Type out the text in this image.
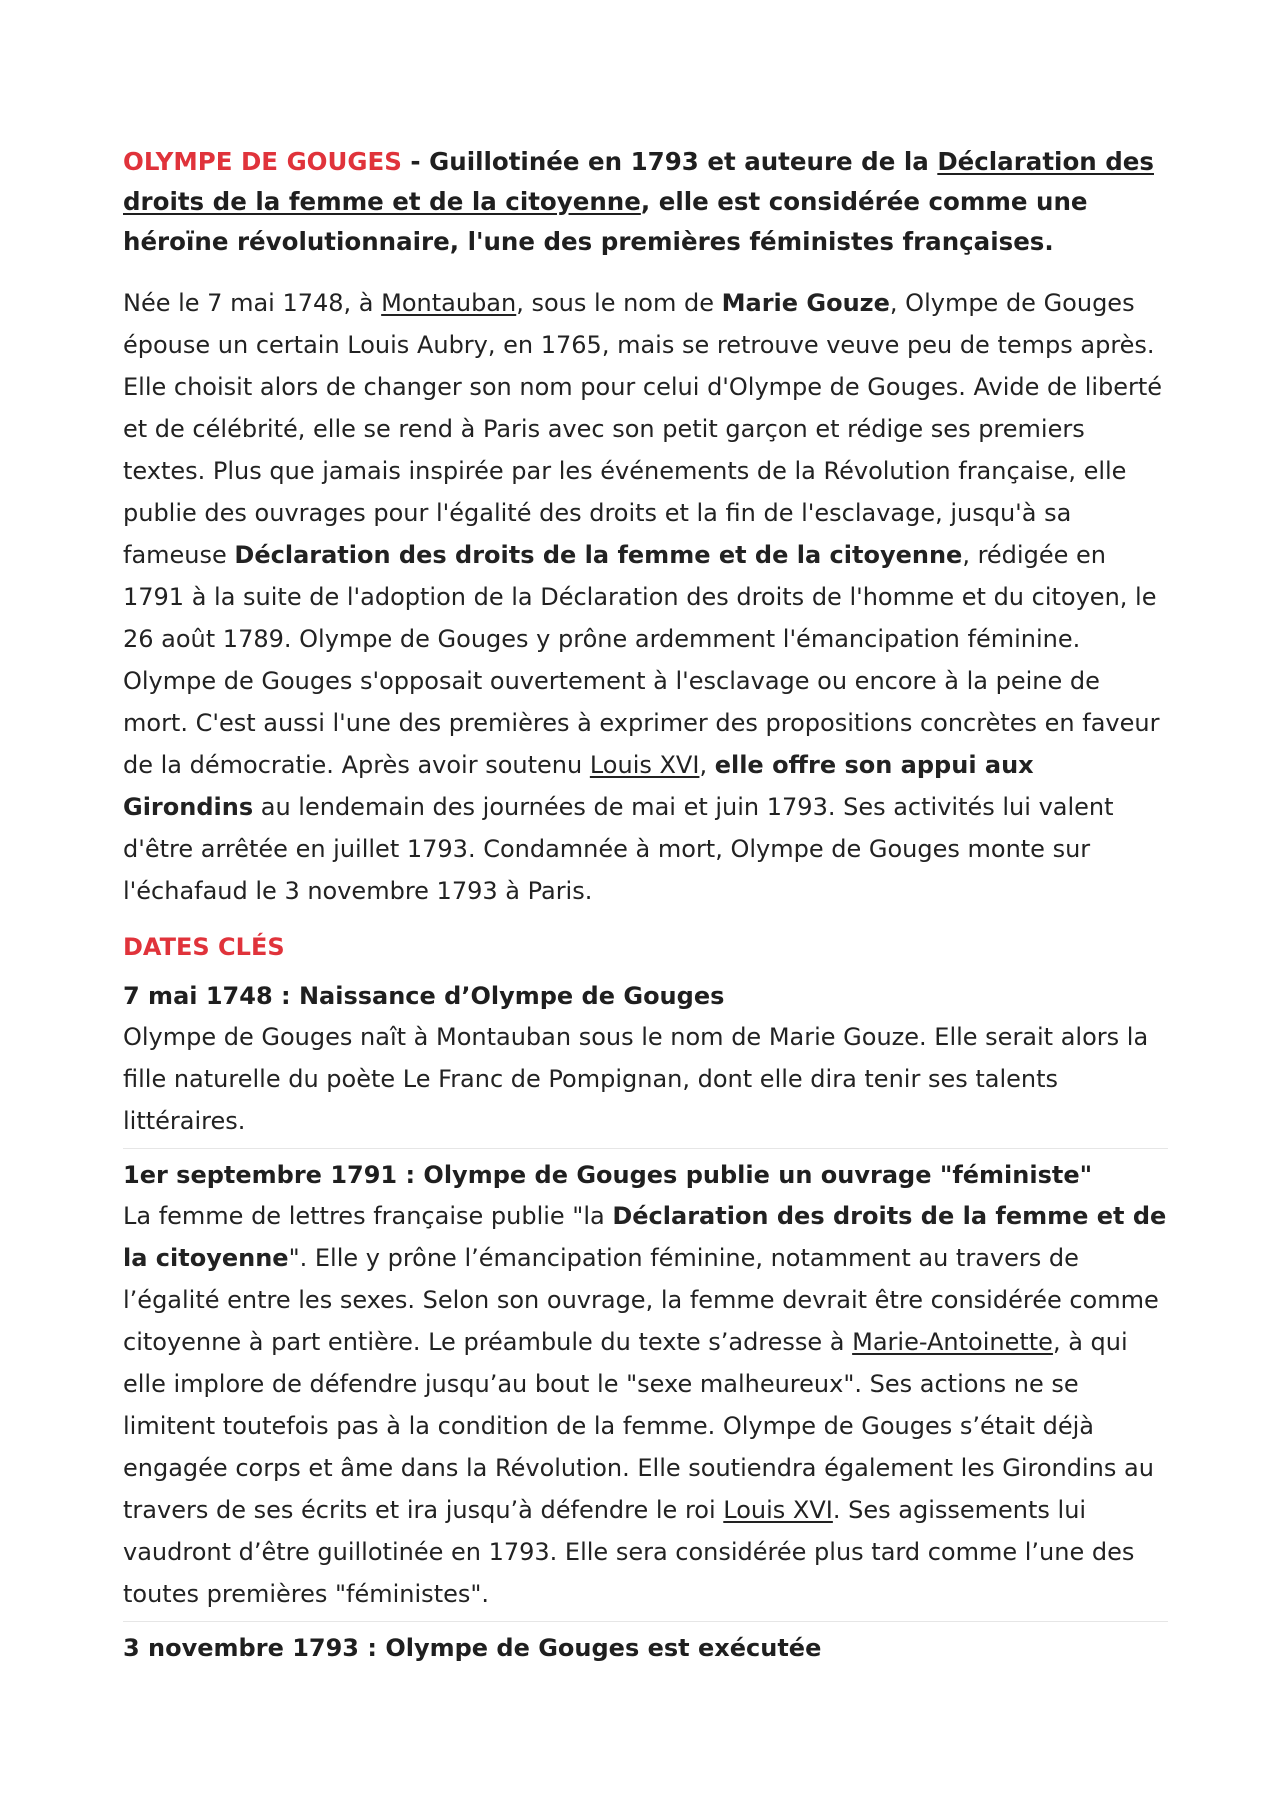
OLYMPE DE GOUGES - Guillotinée en 1793 et auteure de la Déclaration des droits de la femme et de la citoyenne, elle est considérée comme une héroïne révolutionnaire, l'une des premières féministes françaises.

Née le 7 mai 1748, à Montauban, sous le nom de Marie Gouze, Olympe de Gouges épouse un certain Louis Aubry, en 1765, mais se retrouve veuve peu de temps après. Elle choisit alors de changer son nom pour celui d'Olympe de Gouges. Avide de liberté et de célébrité, elle se rend à Paris avec son petit garçon et rédige ses premiers textes. Plus que jamais inspirée par les événements de la Révolution française, elle publie des ouvrages pour l'égalité des droits et la fin de l'esclavage, jusqu'à sa fameuse Déclaration des droits de la femme et de la citoyenne, rédigée en 1791 à la suite de l'adoption de la Déclaration des droits de l'homme et du citoyen, le 26 août 1789. Olympe de Gouges y prône ardemment l'émancipation féminine. Olympe de Gouges s'opposait ouvertement à l'esclavage ou encore à la peine de mort. C'est aussi l'une des premières à exprimer des propositions concrètes en faveur de la démocratie. Après avoir soutenu Louis XVI, elle offre son appui aux Girondins au lendemain des journées de mai et juin 1793. Ses activités lui valent d'être arrêtée en juillet 1793. Condamnée à mort, Olympe de Gouges monte sur l'échafaud le 3 novembre 1793 à Paris.

DATES CLÉS
7 mai 1748 : Naissance d’Olympe de Gouges
Olympe de Gouges naît à Montauban sous le nom de Marie Gouze. Elle serait alors la fille naturelle du poète Le Franc de Pompignan, dont elle dira tenir ses talents littéraires.
1er septembre 1791 : Olympe de Gouges publie un ouvrage "féministe"
La femme de lettres française publie "la Déclaration des droits de la femme et de la citoyenne". Elle y prône l’émancipation féminine, notamment au travers de l’égalité entre les sexes. Selon son ouvrage, la femme devrait être considérée comme citoyenne à part entière. Le préambule du texte s’adresse à Marie-Antoinette, à qui elle implore de défendre jusqu’au bout le "sexe malheureux". Ses actions ne se limitent toutefois pas à la condition de la femme. Olympe de Gouges s’était déjà engagée corps et âme dans la Révolution. Elle soutiendra également les Girondins au travers de ses écrits et ira jusqu’à défendre le roi Louis XVI. Ses agissements lui vaudront d’être guillotinée en 1793. Elle sera considérée plus tard comme l’une des toutes premières "féministes".
3 novembre 1793 : Olympe de Gouges est exécutée
